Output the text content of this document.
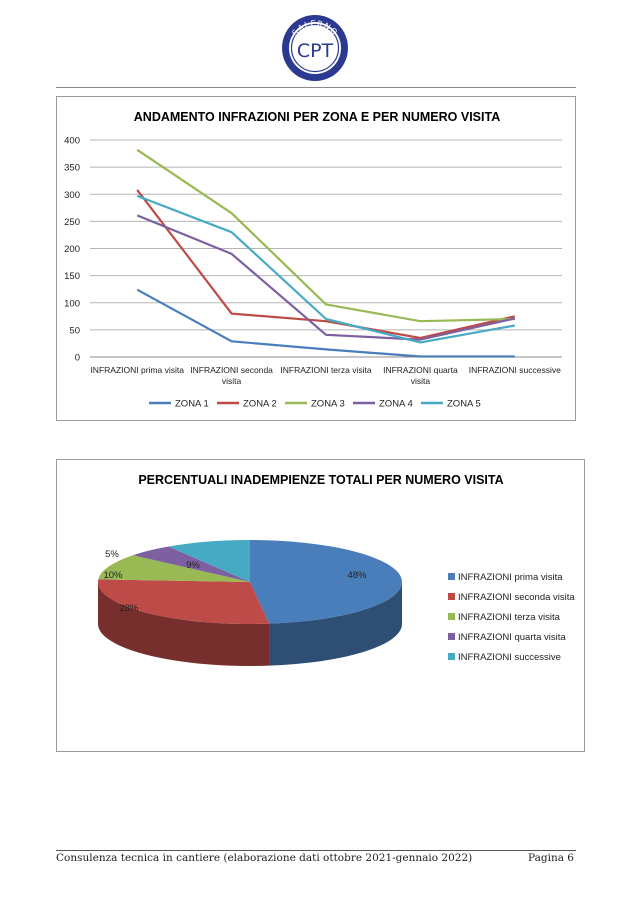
SALERNO
CPT
ANDAMENTO INFRAZIONI PER ZONA E PER NUMERO VISITA
0
50
100
150
200
250
300
350
400
INFRAZIONI prima visita INFRAZIONI seconda visita
INFRAZIONI terza visita INFRAZIONI quarta visita
INFRAZIONI successive
ZONA 1	ZONA 2	ZONA 3	ZONA 4	ZONA 5
PERCENTUALI INADEMPIENZE TOTALI PER NUMERO VISITA
48%
28%
10%
5%
9%
INFRAZIONI prima visita
INFRAZIONI seconda visita
INFRAZIONI terza visita
INFRAZIONI quarta visita
INFRAZIONI successive
Consulenza tecnica in cantiere (elaborazione dati ottobre 2021-gennaio 2022)	Pagina 6
